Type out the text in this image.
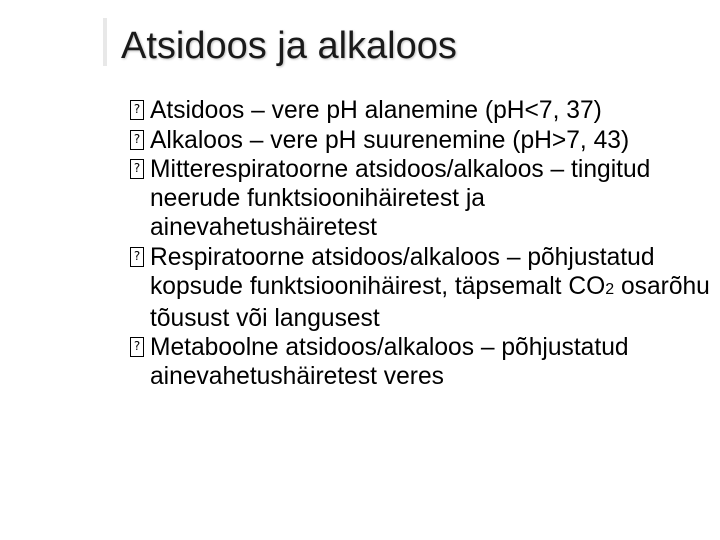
Atsidoos ja alkaloos
? Atsidoos – vere pH alanemine (pH<7, 37)
? Alkaloos – vere pH suurenemine (pH>7, 43)
? Mitterespiratoorne atsidoos/alkaloos – tingitud neerude funktsioonihäiretest ja ainevahetushäiretest
? Respiratoorne atsidoos/alkaloos – põhjustatud kopsude funktsioonihäirest, täpsemalt CO2 osarõhu tõusust või langusest
? Metaboolne atsidoos/alkaloos – põhjustatud ainevahetushäiretest veres
